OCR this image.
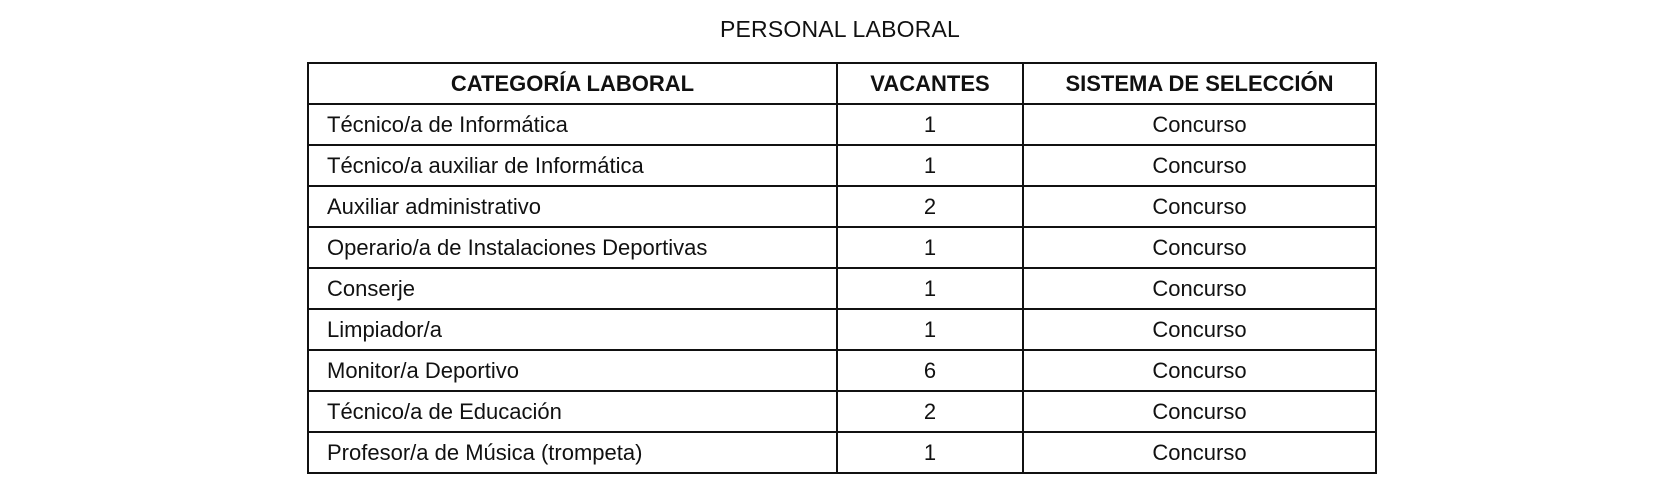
PERSONAL LABORAL
CATEGORÍA LABORAL	VACANTES	SISTEMA DE SELECCIÓN
Técnico/a de Informática	1	Concurso
Técnico/a auxiliar de Informática	1	Concurso
Auxiliar administrativo	2	Concurso
Operario/a de Instalaciones Deportivas	1	Concurso
Conserje	1	Concurso
Limpiador/a	1	Concurso
Monitor/a Deportivo	6	Concurso
Técnico/a de Educación	2	Concurso
Profesor/a de Música (trompeta)	1	Concurso
